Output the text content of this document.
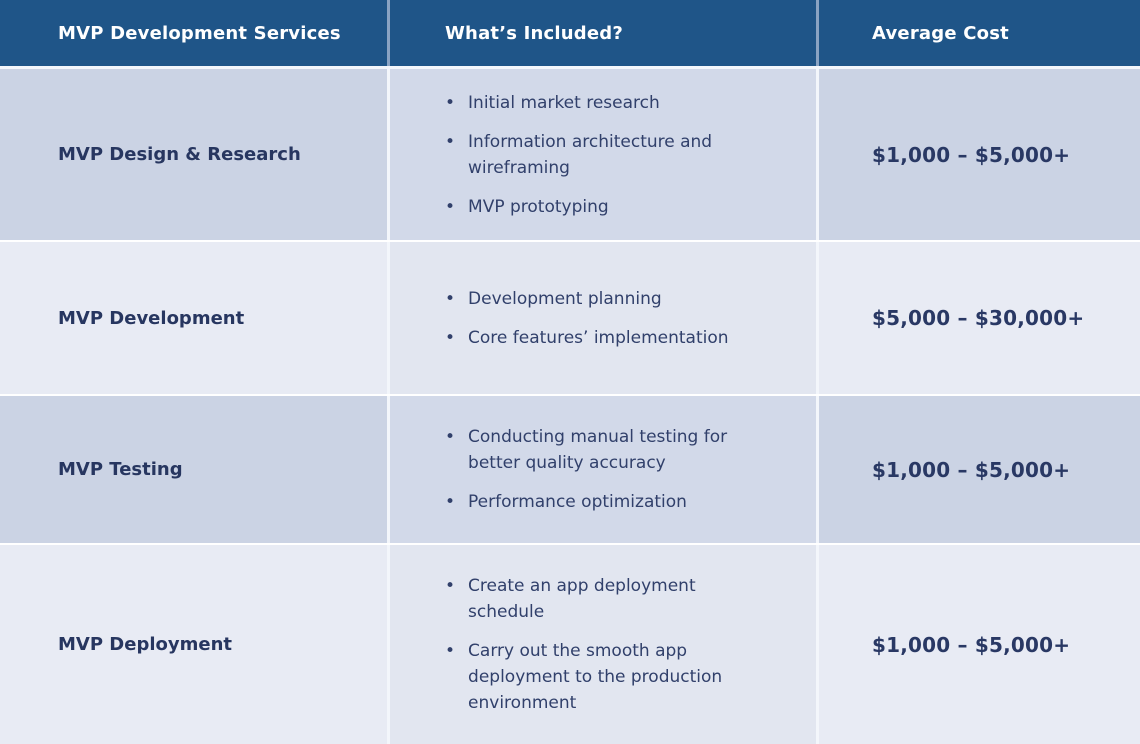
MVP Development Services	What’s Included?	Average Cost
MVP Design & Research
• Initial market research
• Information architecture and wireframing
• MVP prototyping
$1,000 – $5,000+
MVP Development
• Development planning
• Core features’ implementation
$5,000 – $30,000+
MVP Testing
• Conducting manual testing for better quality accuracy
• Performance optimization
$1,000 – $5,000+
MVP Deployment
• Create an app deployment schedule
• Carry out the smooth app deployment to the production environment
$1,000 – $5,000+
